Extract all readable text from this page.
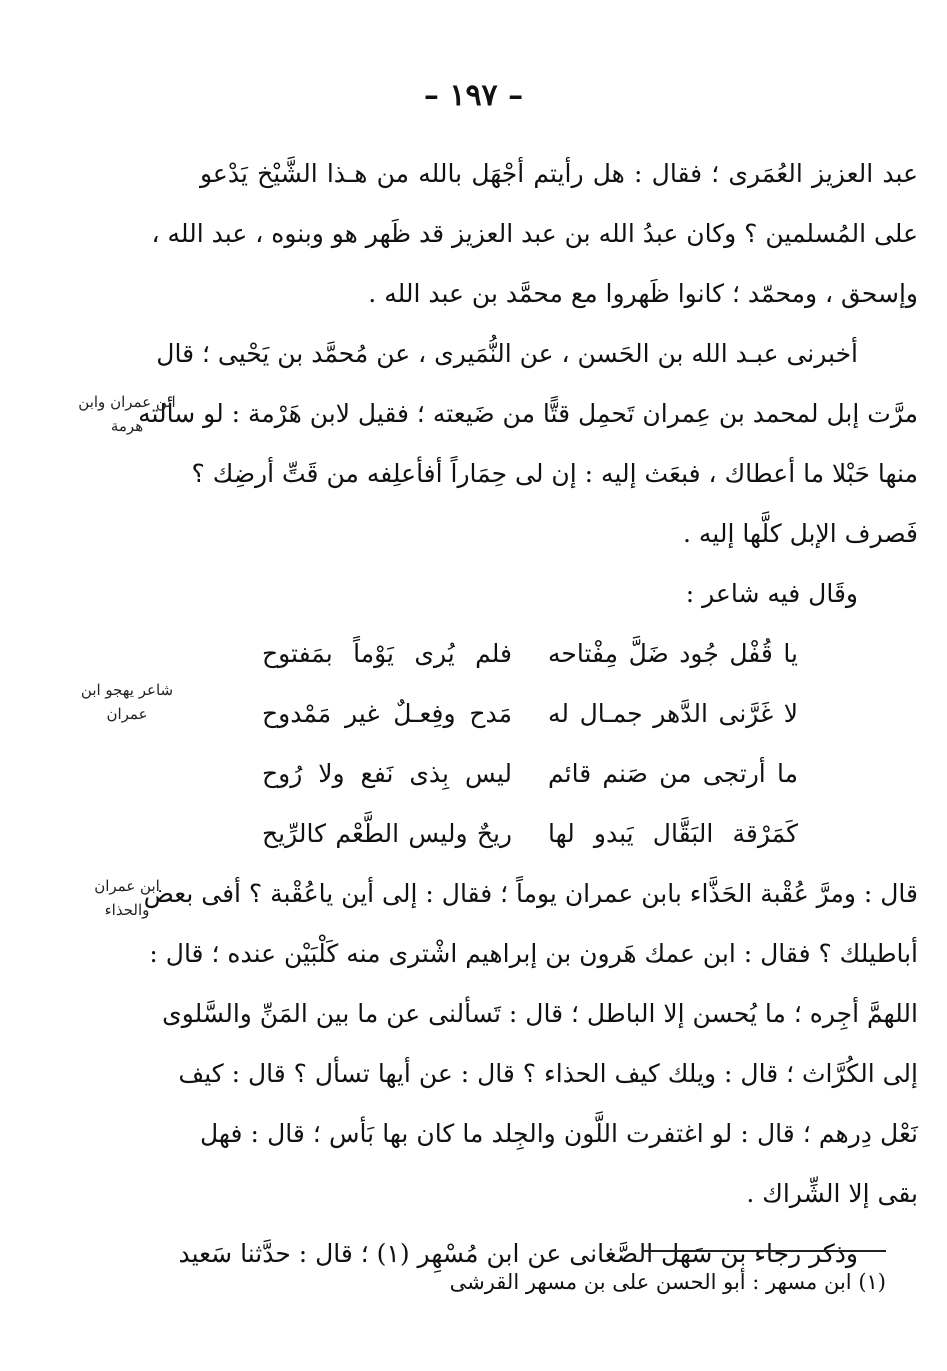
– ١٩٧ –
عبد العزيز العُمَرى ؛ فقال : هل رأيتم أجْهَل بالله من هـذا الشَّيْخ يَدْعو
على المُسلمين ؟ وكان عبدُ الله بن عبد العزيز قد ظَهر هو وبنوه ، عبد الله ،
وإسحق ، ومحمّد ؛ كانوا ظَهروا مع محمَّد بن عبد الله .
أخبرنى عبـد الله بن الحَسن ، عن النُّمَيرى ، عن مُحمَّد بن يَحْيى ؛ قال
مرَّت إبل لمحمد بن عِمران تَحمِل قتًّا من ضَيعته ؛ فقيل لابن هَرْمة : لو سألته
منها حَبْلا ما أعطاك ، فبعَث إليه : إن لى حِمَاراً أفأعلِفه من قَتِّ أرضِك ؟
فَصرف الإبل كلَّها إليه .
وقَال فيه شاعر :
يا قُفْل جُود ضَلَّ مِفْتاحه
فلم يُرى يَوْماً بمَفتوح
لا غَرَّنى الدَّهر جمـال له
مَدح وفِعـلٌ غير مَمْدوح
ما أرتجى من صَنم قائم
ليس بِذى نَفع ولا رُوح
كَمَرْقة البَقَّال يَبدو لها
ريحٌ وليس الطَّعْم كالرِّيح
قال : ومرَّ عُقْبة الحَذَّاء بابن عمران يوماً ؛ فقال : إلى أين ياعُقْبة ؟ أفى بعض
أباطيلك ؟ فقال : ابن عمك هَرون بن إبراهيم اشْترى منه كَلْبَيْن عنده ؛ قال :
اللهمَّ أجِره ؛ ما يُحسن إلا الباطل ؛ قال : تَسألنى عن ما بين المَنِّ والسَّلوى
إلى الكُرَّاث ؛ قال : ويلك كيف الحذاء ؟ قال : عن أيها تسأل ؟ قال : كيف
نَعْل دِرهم ؛ قال : لو اغتفرت اللَّون والجِلد ما كان بها بَأس ؛ قال : فهل
بقى إلا الشِّراك .
وذكر رجاء بن سَهل الصَّغانى عن ابن مُسْهِر (١) ؛ قال : حدَّثنا سَعيد
ابن عمران وابن هرمة
شاعر يهجو ابن عمران
ابن عمران والحذاء
(١) ابن مسهر : أبو الحسن على بن مسهر القرشى
